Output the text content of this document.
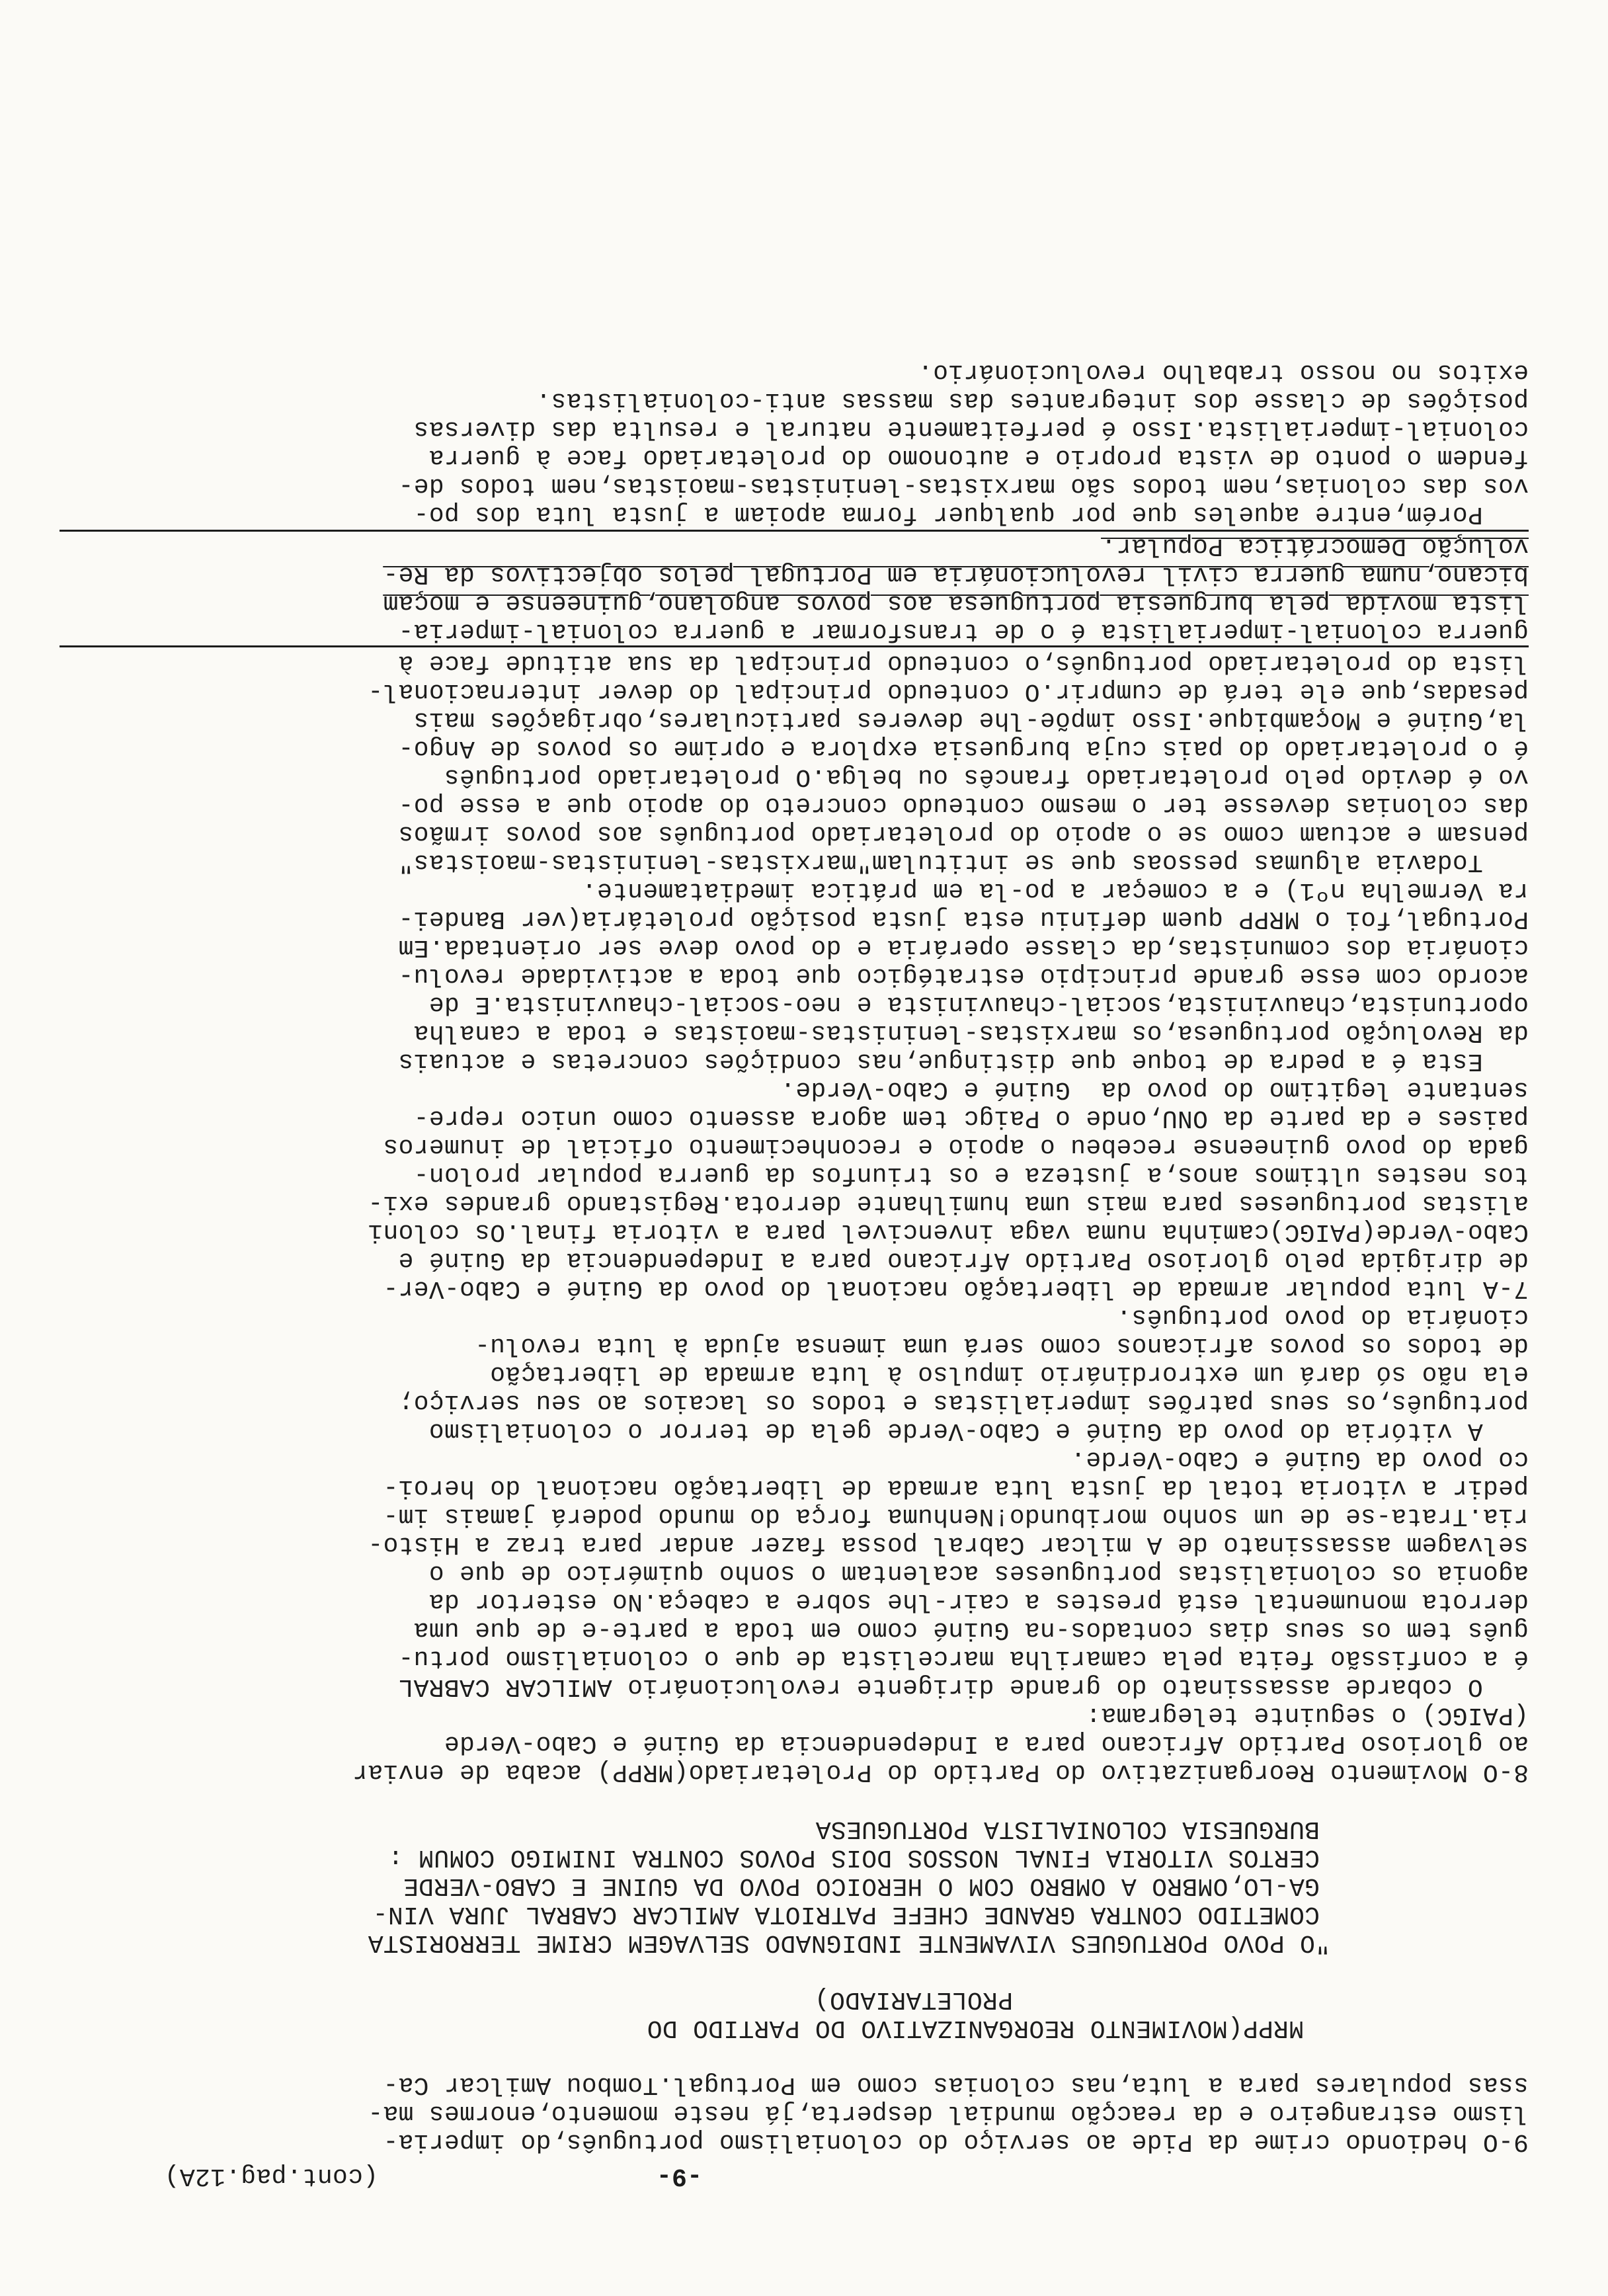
-9-
(cont.pag.12A)
9-O hediondo crime da Pide ao serviço do colonialismo português,do imperia-
lismo estrangeiro e da reacção mundial desperta,já neste momento,enormes ma-
ssas populares para a luta,nas colonias como em Portugal.Tombou Amilcar Ca-
MRPP(MOVIMENTO REORGANIZATIVO DO PARTIDO DO
PROLETARIADO)
"O POVO PORTUGUES VIVAMENTE INDIGNADO SELVAGEM CRIME TERRORISTA
COMETIDO CONTRA GRANDE CHEFE PATRIOTA AMILCAR CABRAL JURA VIN-
GA-LO,OMBRO A OMBRO COM O HEROICO POVO DA GUINE E CABO-VERDE
CERTOS VITORIA FINAL NOSSOS DOIS POVOS CONTRA INIMIGO COMUM :
BURGUESIA COLONIALISTA PORTUGUESA
8-O Movimento Reorganizativo do Partido do Proletariado(MRPP) acaba de enviar
ao glorioso Partido Africano para a Independencia da Guiné e Cabo-Verde
(PAIGC) o seguinte telegrama:
O cobarde assassinato do grande dirigente revolucionário AMILCAR CABRAL
é a confissão feita pela camarilha marcelista de que o colonialismo portu-
guês tem os seus dias contados-na Guiné como em toda a parte-e de que uma
derrota monumental está prestes a cair-lhe sobre a cabeça.No estertor da
agonia os colonialistas portugueses acalentam o sonho quimérico de que o
selvagem assassinato de A milcar Cabral possa fazer andar para traz a Histo-
ria.Trata-se de um sonho moribundo!Nenhuma força do mundo poderá jamais im-
pedir a vitoria total da justa luta armada de libertação nacional do heroi-
co povo da Guiné e Cabo-Verde.
A vitória do povo da Guiné e Cabo-Verde gela de terror o colonialismo
português,os seus patrões imperialistas e todos os lacaios ao seu serviço;
ela não só dará um extrordinário impulso à luta armada de libertação
de todos os povos africanos como será uma imensa ajuda à luta revolu-
cionária do povo português.
7-A luta popular armada de libertação nacional do povo da Guiné e Cabo-Ver-
de dirigida pelo glorioso Partido Africano para a Independencia da Guiné e
Cabo-Verde(PAIGC)caminha numa vaga invencivel para a vitoria final.Os coloni
alistas portugueses para mais uma humilhante derrota.Registando grandes exi-
tos nestes ultimos anos,a justeza e os triunfos da guerra popular prolon-
gada do povo guineense recebeu o apoio e reconhecimento oficial de inumeros
paises e da parte da ONU,onde o Paigc tem agora assento como unico repre-
sentante legitimo do povo da  Guiné e Cabo-Verde.
Esta é a pedra de toque que distingue,nas condições concretas e actuais
da Revolução portuguesa,os marxistas-leninistas-maoistas e toda a canalha
oportunista,chauvinista,social-chauvinista e neo-social-chauvinista.E de
acordo com esse grande principio estratégico que toda a actividade revolu-
cionária dos comunistas,da classe operária e do povo deve ser orientada.Em
Portugal,foi o MRPP quem definiu esta justa posição proletária(ver Bandei-
ra Vermelha nº1) e a começar a po-la em prática imediatamente.
Todavia algumas pessoas que se intitulam"marxistas-leninistas-maoistas"
pensam e actuam como se o apoio do proletariado português aos povos irmãos
das colonias devesse ter o mesmo conteudo concreto do apoio que a esse po-
vo é devido pelo proletariado francês ou belga.O proletariado português
é o proletariado do pais cuja burguesia explora e oprime os povos de Ango-
la,Guiné e Moçambique.Isso impõe-lhe deveres particulares,obrigações mais
pesadas,que ele terá de cumprir.O conteudo principal do dever internacional-
lista do proletariado português,o conteudo principal da sua atitude face à
guerra colonial-imperialista é o de transformar a guerra colonial-imperia-
lista movida pela burguesia portuguesa aos povos angolano,guineense e moçam
bicano,numa guerra civil revolucionária em Portugal pelos objectivos da Re-
volução Democrática Popular.
Porém,entre aqueles que por qualquer forma apoiam a justa luta dos po-
vos das colonias,nem todos são marxistas-leninistas-maoistas,nem todos de-
fendem o ponto de vista proprio e autonomo do proletariado face à guerra
colonial-imperialista.Isso é perfeitamente natural e resulta das diversas
posições de classe dos integrantes das massas anti-colonialistas.
exitos no nosso trabalho revolucionário.
